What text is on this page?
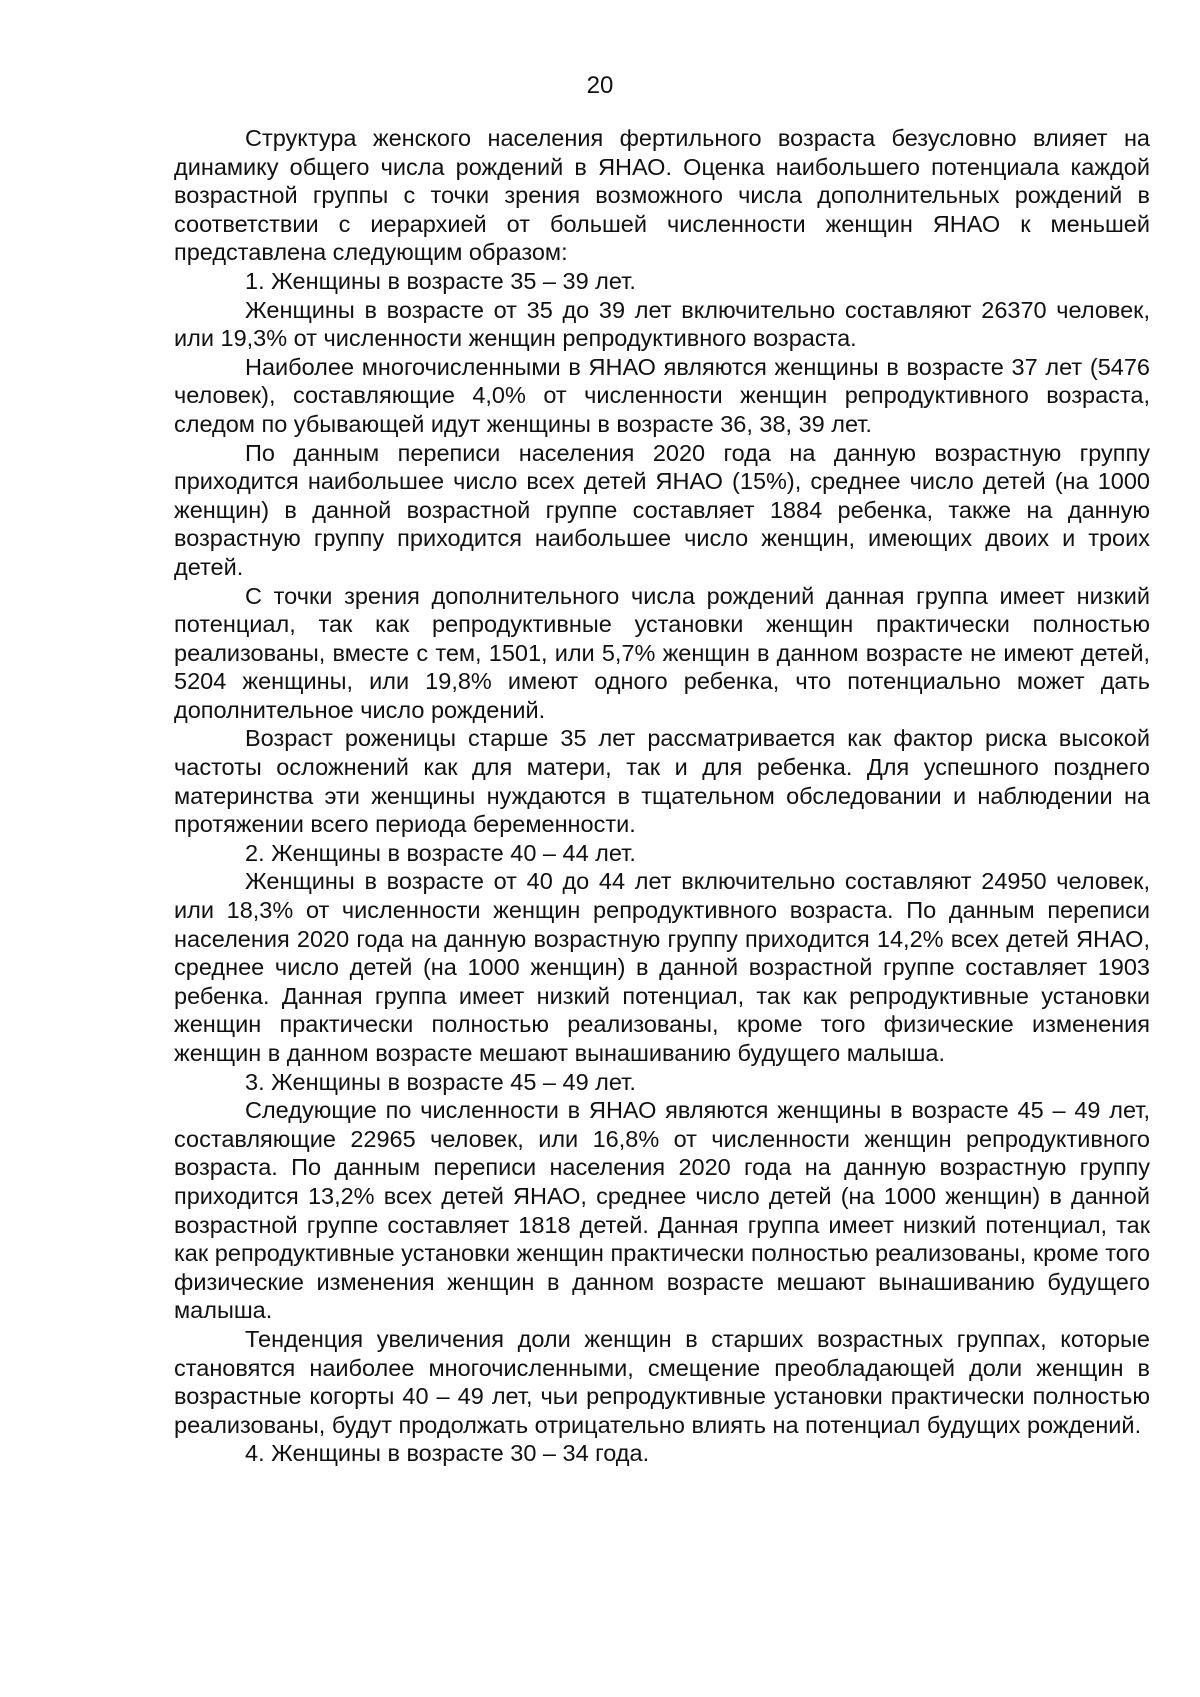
20

Структура женского населения фертильного возраста безусловно влияет на динамику общего числа рождений в ЯНАО. Оценка наибольшего потенциала каждой возрастной группы с точки зрения возможного числа дополнительных рождений в соответствии с иерархией от большей численности женщин ЯНАО к меньшей представлена следующим образом:

1. Женщины в возрасте 35 – 39 лет.

Женщины в возрасте от 35 до 39 лет включительно составляют 26370 человек, или 19,3% от численности женщин репродуктивного возраста.

Наиболее многочисленными в ЯНАО являются женщины в возрасте 37 лет (5476 человек), составляющие 4,0% от численности женщин репродуктивного возраста, следом по убывающей идут женщины в возрасте 36, 38, 39 лет.

По данным переписи населения 2020 года на данную возрастную группу приходится наибольшее число всех детей ЯНАО (15%), среднее число детей (на 1000 женщин) в данной возрастной группе составляет 1884 ребенка, также на данную возрастную группу приходится наибольшее число женщин, имеющих двоих и троих детей.

С точки зрения дополнительного числа рождений данная группа имеет низкий потенциал, так как репродуктивные установки женщин практически полностью реализованы, вместе с тем, 1501, или 5,7% женщин в данном возрасте не имеют детей, 5204 женщины, или 19,8% имеют одного ребенка, что потенциально может дать дополнительное число рождений.

Возраст роженицы старше 35 лет рассматривается как фактор риска высокой частоты осложнений как для матери, так и для ребенка. Для успешного позднего материнства эти женщины нуждаются в тщательном обследовании и наблюдении на протяжении всего периода беременности.

2. Женщины в возрасте 40 – 44 лет.

Женщины в возрасте от 40 до 44 лет включительно составляют 24950 человек, или 18,3% от численности женщин репродуктивного возраста. По данным переписи населения 2020 года на данную возрастную группу приходится 14,2% всех детей ЯНАО, среднее число детей (на 1000 женщин) в данной возрастной группе составляет 1903 ребенка. Данная группа имеет низкий потенциал, так как репродуктивные установки женщин практически полностью реализованы, кроме того физические изменения женщин в данном возрасте мешают вынашиванию будущего малыша.

3. Женщины в возрасте 45 – 49 лет.

Следующие по численности в ЯНАО являются женщины в возрасте 45 – 49 лет, составляющие 22965 человек, или 16,8% от численности женщин репродуктивного возраста. По данным переписи населения 2020 года на данную возрастную группу приходится 13,2% всех детей ЯНАО, среднее число детей (на 1000 женщин) в данной возрастной группе составляет 1818 детей. Данная группа имеет низкий потенциал, так как репродуктивные установки женщин практически полностью реализованы, кроме того физические изменения женщин в данном возрасте мешают вынашиванию будущего малыша.

Тенденция увеличения доли женщин в старших возрастных группах, которые становятся наиболее многочисленными, смещение преобладающей доли женщин в возрастные когорты 40 – 49 лет, чьи репродуктивные установки практически полностью реализованы, будут продолжать отрицательно влиять на потенциал будущих рождений.

4. Женщины в возрасте 30 – 34 года.
